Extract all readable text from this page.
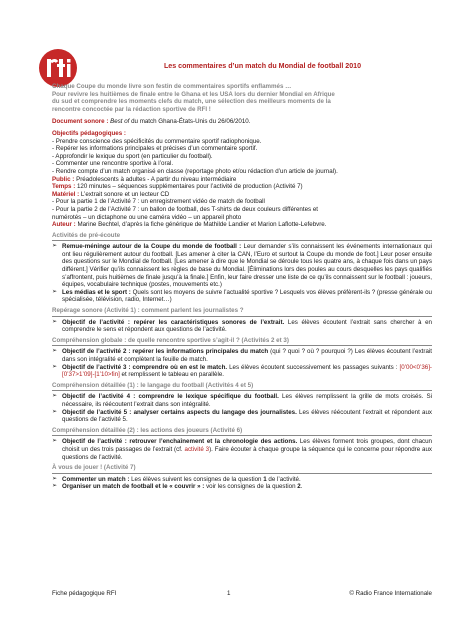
Les commentaires d’un match du Mondial de football 2010
Chaque Coupe du monde livre son festin de commentaires sportifs enflammés …
Pour revivre les huitièmes de finale entre le Ghana et les USA lors du dernier Mondial en Afrique
du sud et comprendre les moments clefs du match, une sélection des meilleurs moments de la
rencontre concoctée par la rédaction sportive de RFI !
Document sonore : Best of du match Ghana-États-Unis du 26/06/2010.
Objectifs pédagogiques :
- Prendre conscience des spécificités du commentaire sportif radiophonique.
- Repérer les informations principales et précises d’un commentaire sportif.
- Approfondir le lexique du sport (en particulier du football).
- Commenter une rencontre sportive à l’oral.
- Rendre compte d’un match organisé en classe (reportage photo et/ou rédaction d’un article de journal).
Public : Préadolescents à adultes - A partir du niveau intermédiaire
Temps : 120 minutes – séquences supplémentaires pour l’activité de production (Activité 7)
Matériel : L’extrait sonore et un lecteur CD
- Pour la partie 1 de l’Activité 7 : un enregistrement vidéo de match de football
- Pour la partie 2 de l’Activité 7 : un ballon de football, des T-shirts de deux couleurs différentes et
numérotés – un dictaphone ou une caméra vidéo – un appareil photo
Auteur : Marine Bechtel, d’après la fiche générique de Mathilde Landier et Marion Laflotte-Lefebvre.
Activités de pré-écoute
➢ Remue-méninge autour de la Coupe du monde de football : Leur demander s’ils connaissent les événements internationaux qui ont lieu régulièrement autour du football. [Les amener à citer la CAN, l’Euro et surtout la Coupe du monde de foot.] Leur poser ensuite des questions sur le Mondial de football. [Les amener à dire que le Mondial se déroule tous les quatre ans, à chaque fois dans un pays différent.] Vérifier qu’ils connaissent les règles de base du Mondial. [Éliminations lors des poules au cours desquelles les pays qualifiés s’affrontent, puis huitièmes de finale jusqu’à la finale.] Enfin, leur faire dresser une liste de ce qu’ils connaissent sur le football : joueurs, équipes, vocabulaire technique (postes, mouvements etc.)
➢ Les médias et le sport : Quels sont les moyens de suivre l’actualité sportive ? Lesquels vos élèves préfèrent-ils ? (presse générale ou spécialisée, télévision, radio, Internet…)
Repérage sonore (Activité 1) : comment parlent les journalistes ?
➢ Objectif de l’activité : repérer les caractéristiques sonores de l’extrait. Les élèves écoutent l’extrait sans chercher à en comprendre le sens et répondent aux questions de l’activité.
Compréhension globale : de quelle rencontre sportive s’agit-il ? (Activités 2 et 3)
➢ Objectif de l’activité 2 : repérer les informations principales du match (qui ? quoi ? où ? pourquoi ?) Les élèves écoutent l’extrait dans son intégralité et complètent la feuille de match.
➢ Objectif de l’activité 3 : comprendre où en est le match. Les élèves écoutent successivement les passages suivants : [0’00<0’36]-[0’37>1’09]-[1’10>fin] et remplissent le tableau en parallèle.
Compréhension détaillée (1) : le langage du football (Activités 4 et 5)
➢ Objectif de l’activité 4 : comprendre le lexique spécifique du football. Les élèves remplissent la grille de mots croisés. Si nécessaire, ils réécoutent l’extrait dans son intégralité.
➢ Objectif de l’activité 5 : analyser certains aspects du langage des journalistes. Les élèves réécoutent l’extrait et répondent aux questions de l’activité 5.
Compréhension détaillée (2) : les actions des joueurs (Activité 6)
➢ Objectif de l’activité : retrouver l’enchaînement et la chronologie des actions. Les élèves forment trois groupes, dont chacun choisit un des trois passages de l’extrait (cf. activité 3). Faire écouter à chaque groupe la séquence qui le concerne pour répondre aux questions de l’activité.
À vous de jouer ! (Activité 7)
➢ Commenter un match : Les élèves suivent les consignes de la question 1 de l’activité.
➢ Organiser un match de football et le « couvrir » : voir les consignes de la question 2.
Fiche pédagogique RFI	1	© Radio France Internationale
